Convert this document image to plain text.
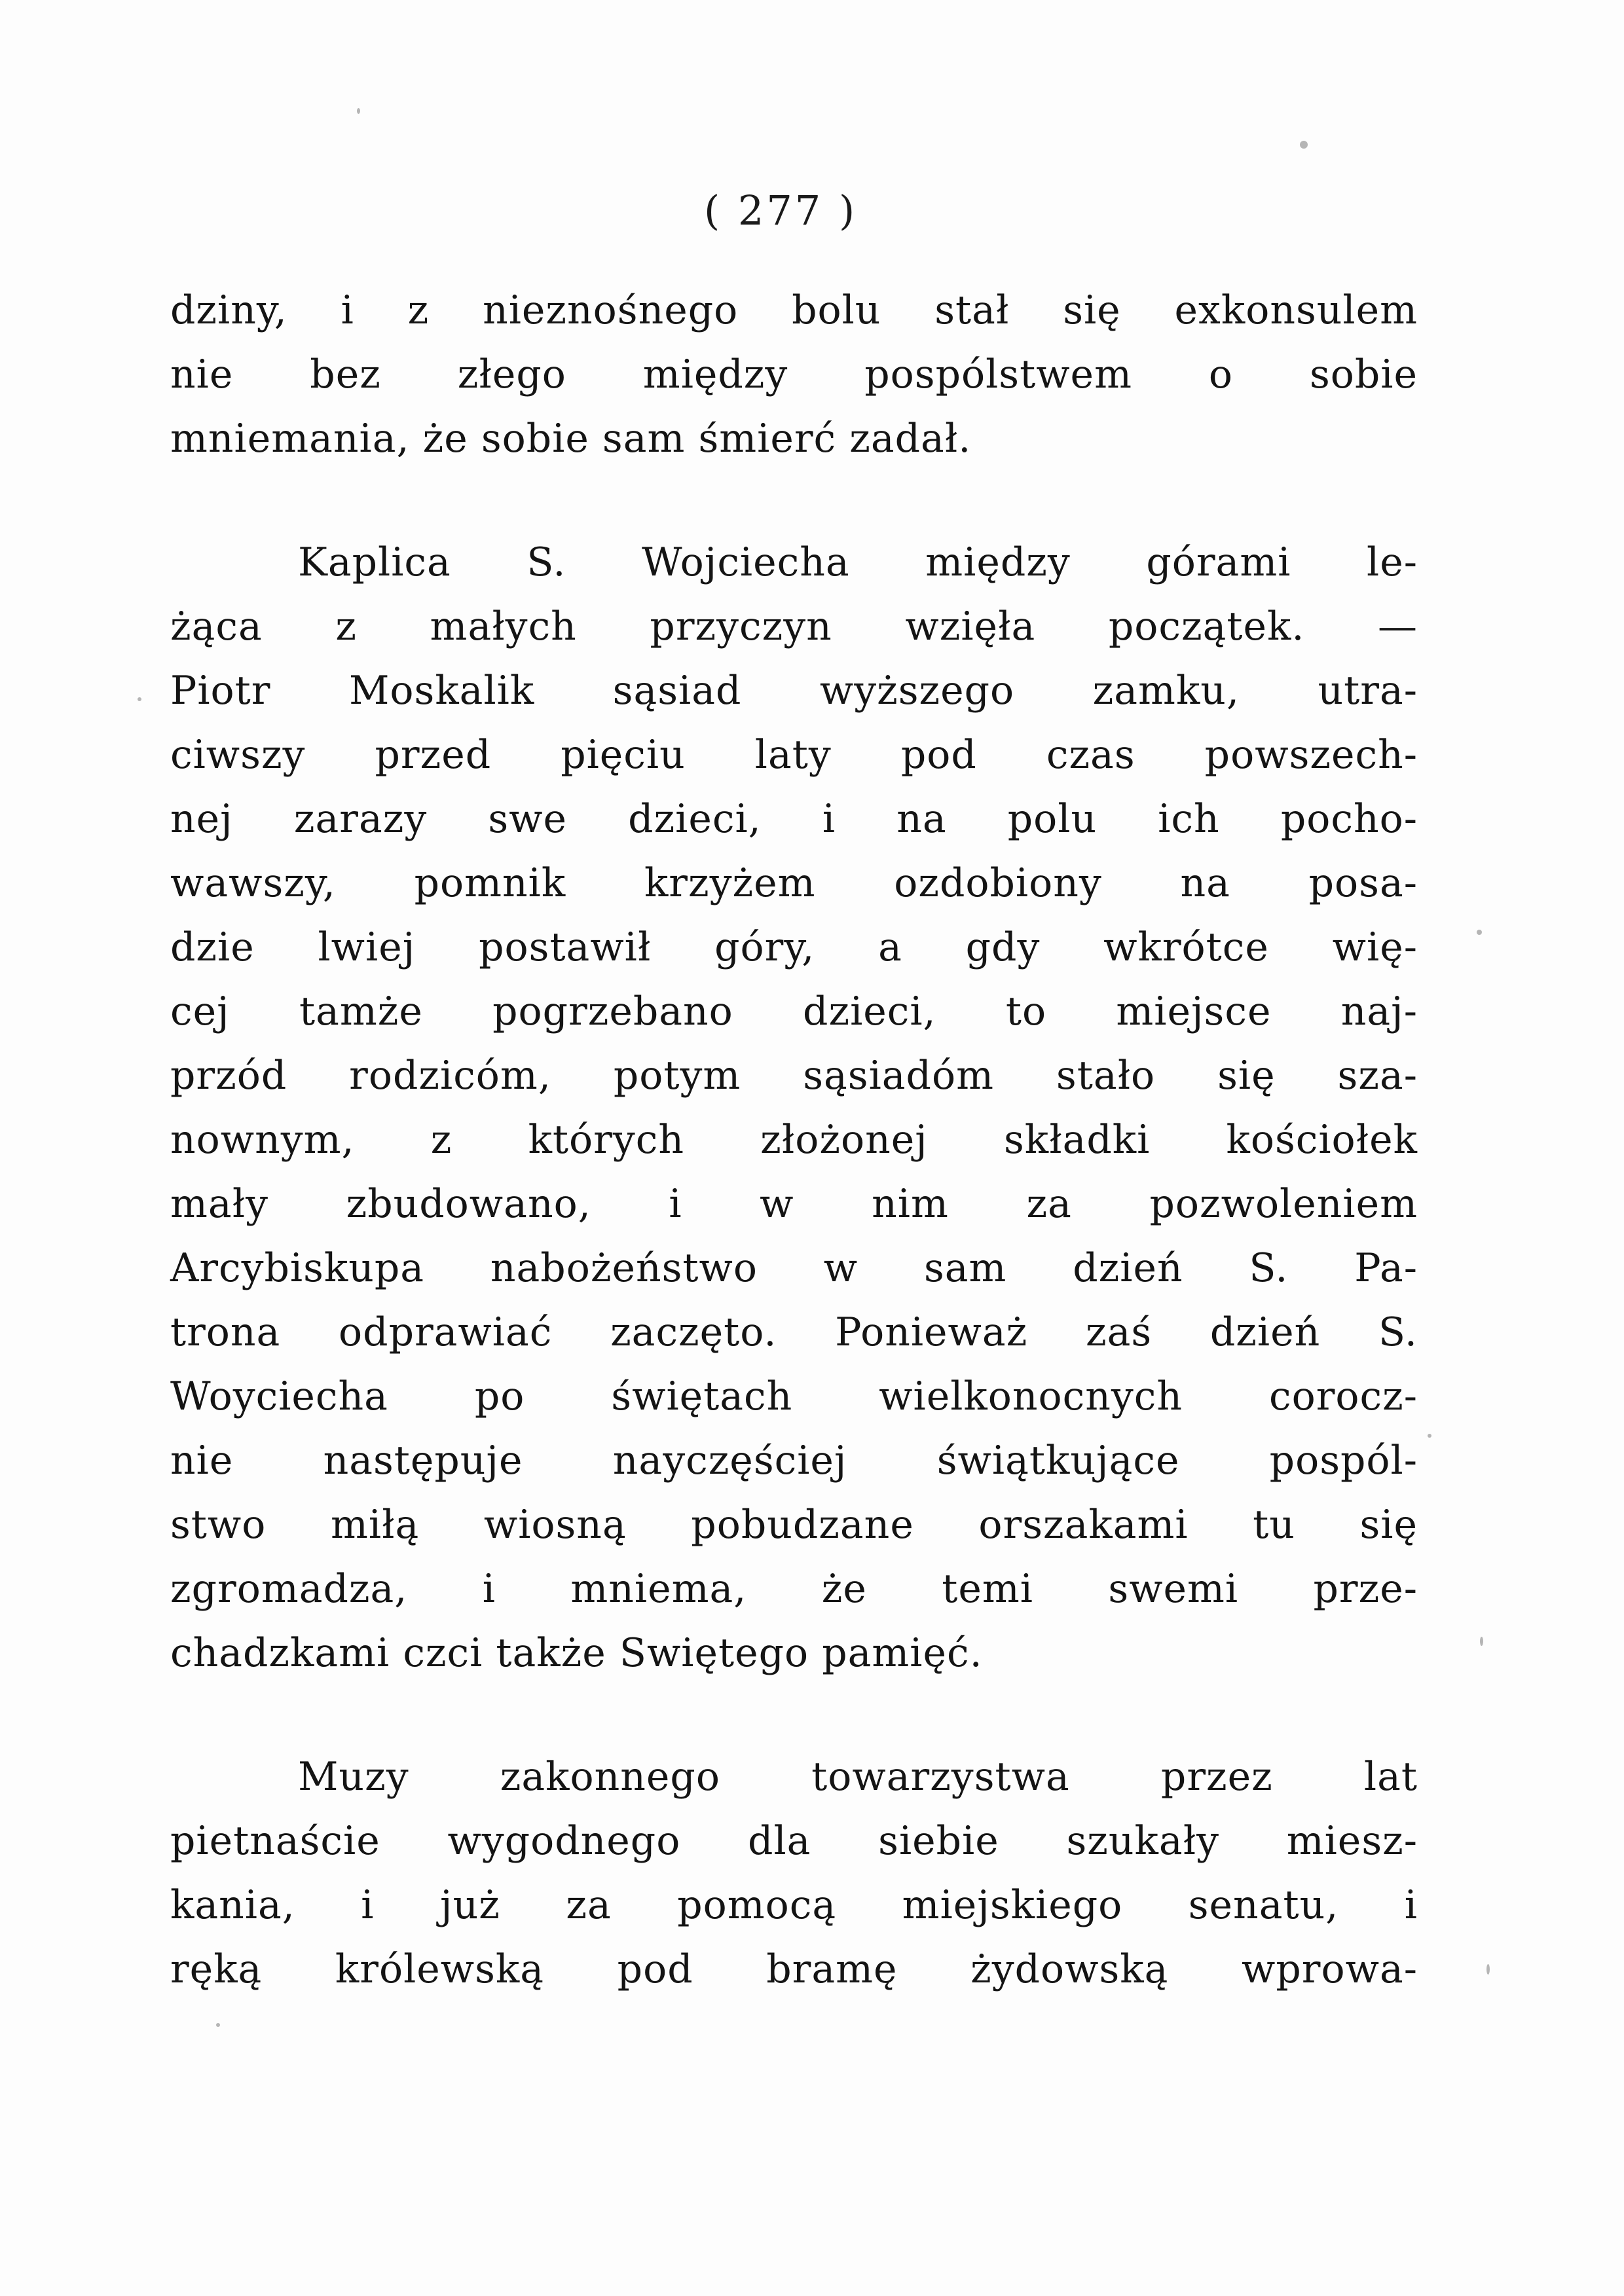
( 277 )
dziny, i z nieznośnego bolu stał się exkonsulem
nie bez złego między pospólstwem o sobie
mniemania, że sobie sam śmierć zadał.
Kaplica S. Wojciecha między górami le-
żąca z małych przyczyn wzięła początek. —
Piotr Moskalik sąsiad wyższego zamku, utra-
ciwszy przed pięciu laty pod czas powszech-
nej zarazy swe dzieci, i na polu ich pocho-
wawszy, pomnik krzyżem ozdobiony na posa-
dzie lwiej postawił góry, a gdy wkrótce wię-
cej tamże pogrzebano dzieci, to miejsce naj-
przód rodzicóm, potym sąsiadóm stało się sza-
nownym, z których złożonej składki kościołek
mały zbudowano, i w nim za pozwoleniem
Arcybiskupa nabożeństwo w sam dzień S. Pa-
trona odprawiać zaczęto. Ponieważ zaś dzień S.
Woyciecha po świętach wielkonocnych corocz-
nie następuje nayczęściej świątkujące pospól-
stwo miłą wiosną pobudzane orszakami tu się
zgromadza, i mniema, że temi swemi prze-
chadzkami czci także Swiętego pamięć.
Muzy zakonnego towarzystwa przez lat
pietnaście wygodnego dla siebie szukały miesz-
kania, i już za pomocą miejskiego senatu, i
ręką królewską pod bramę żydowską wprowa-
